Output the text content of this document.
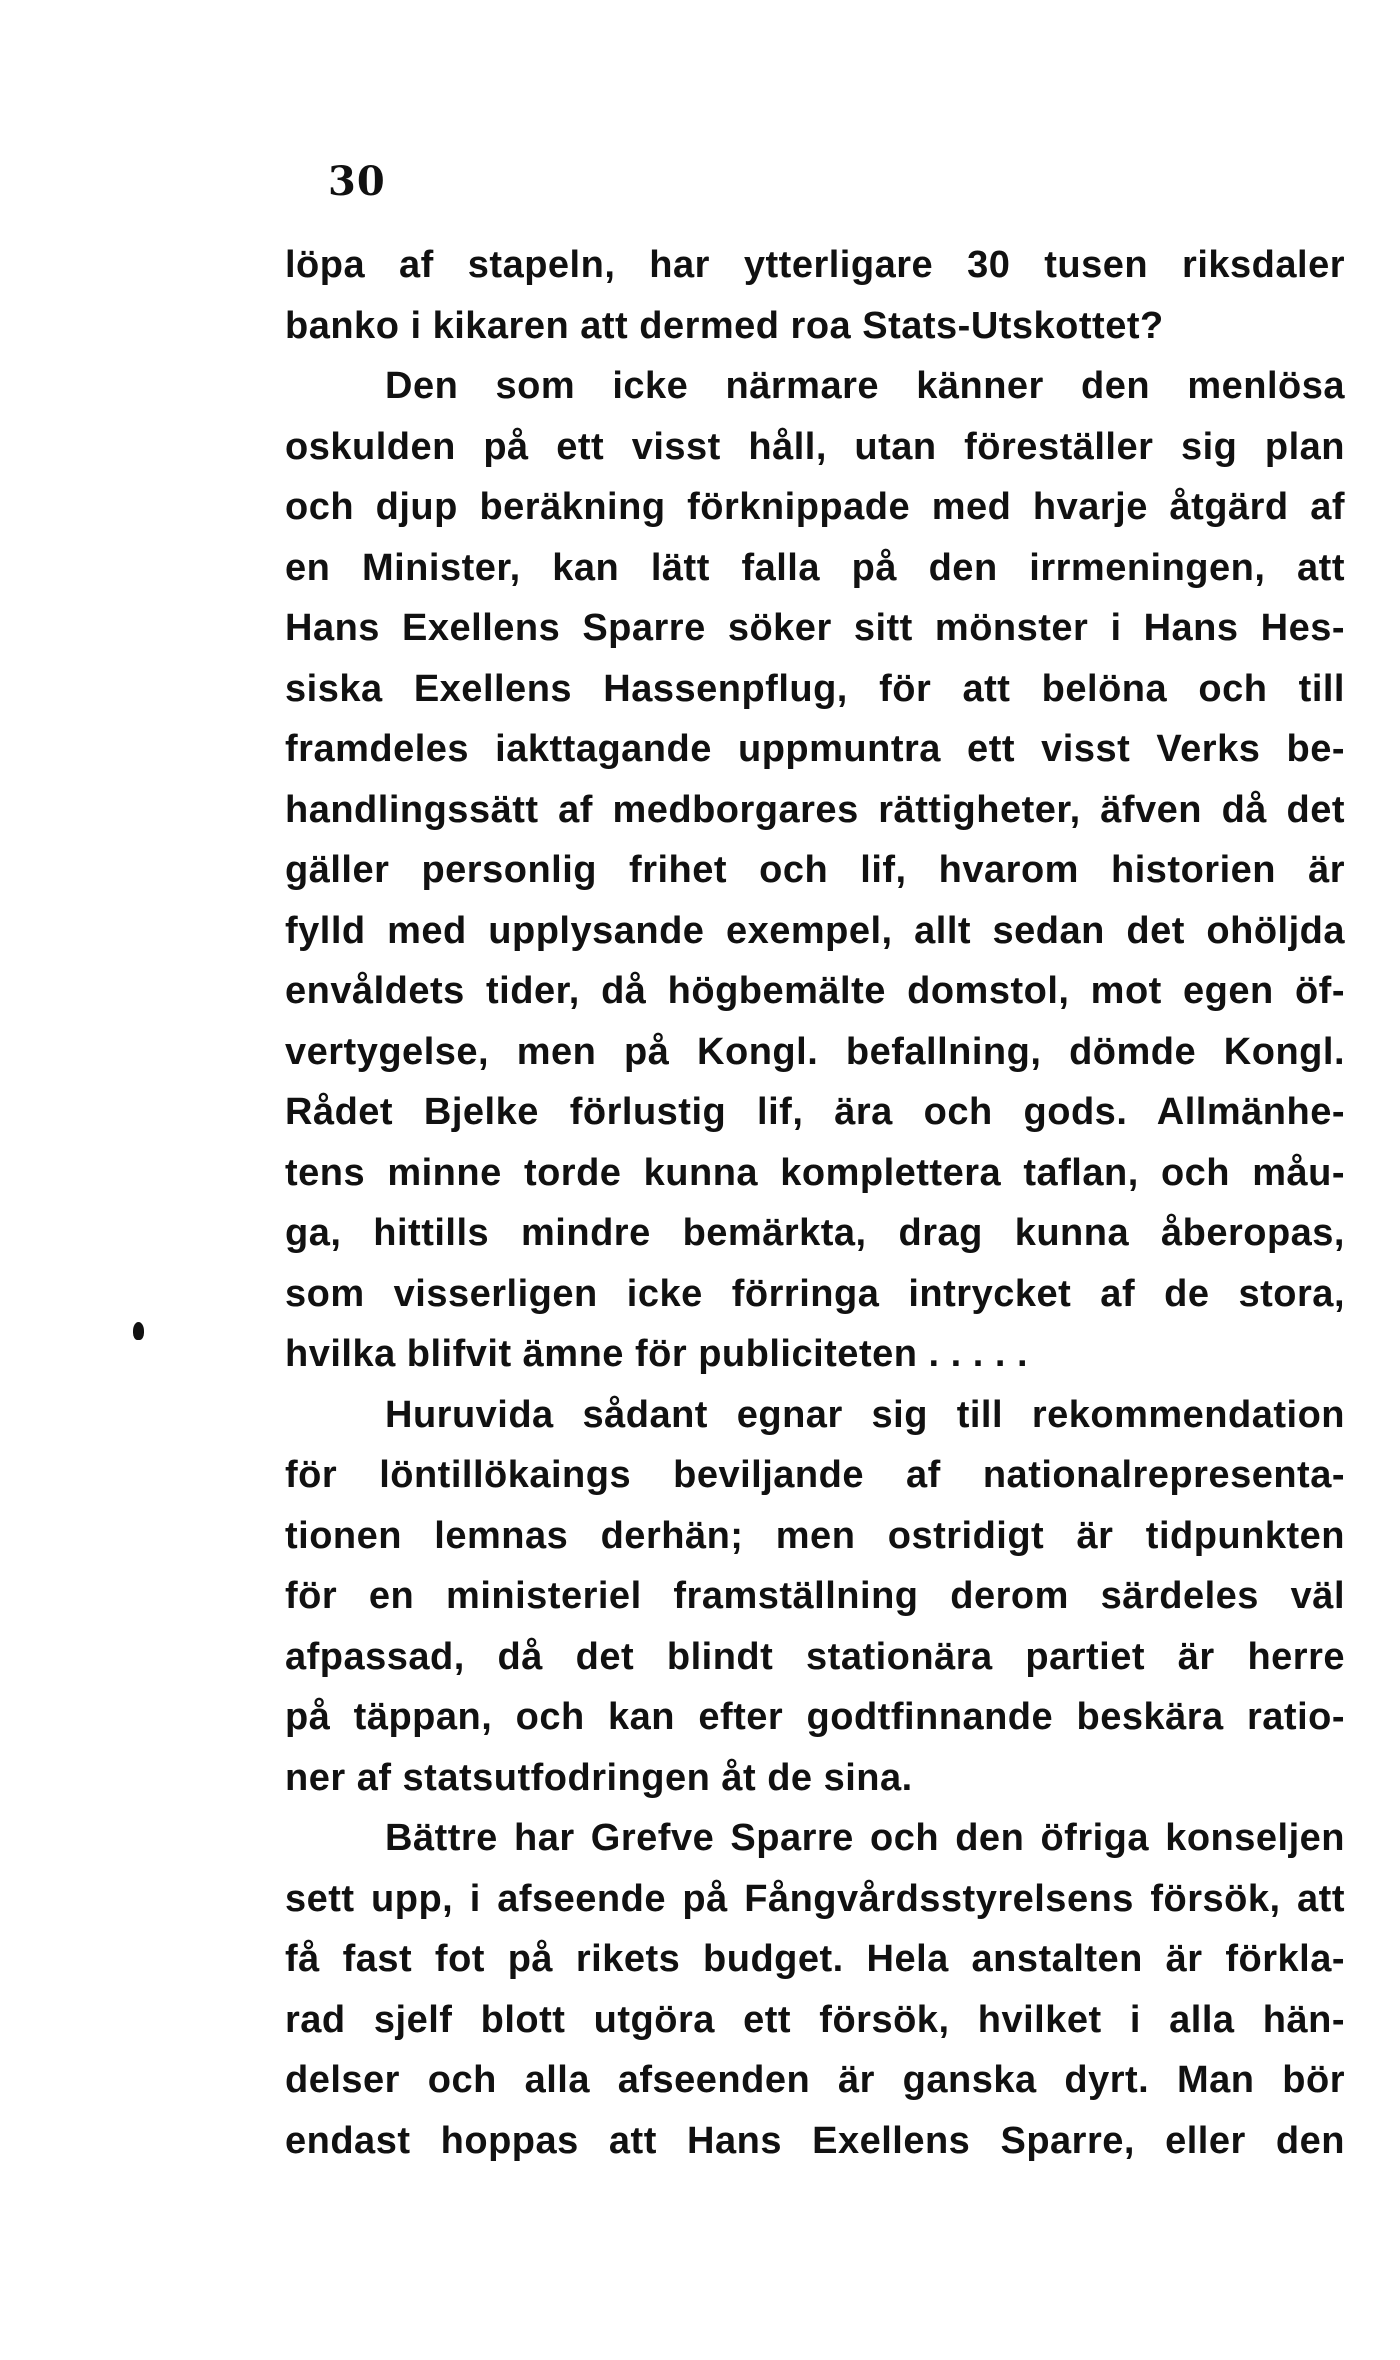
30
löpa af stapeln, har ytterligare 30 tusen riksdaler
banko i kikaren att dermed roa Stats-Utskottet?
Den som icke närmare känner den menlösa
oskulden på ett visst håll, utan föreställer sig plan
och djup beräkning förknippade med hvarje åtgärd af
en Minister, kan lätt falla på den irrmeningen, att
Hans Exellens Sparre söker sitt mönster i Hans Hes-
siska Exellens Hassenpflug, för att belöna och till
framdeles iakttagande uppmuntra ett visst Verks be-
handlingssätt af medborgares rättigheter, äfven då det
gäller personlig frihet och lif, hvarom historien är
fylld med upplysande exempel, allt sedan det ohöljda
envåldets tider, då högbemälte domstol, mot egen öf-
vertygelse, men på Kongl. befallning, dömde Kongl.
Rådet Bjelke förlustig lif, ära och gods. Allmänhe-
tens minne torde kunna komplettera taflan, och måu-
ga, hittills mindre bemärkta, drag kunna åberopas,
som visserligen icke förringa intrycket af de stora,
hvilka blifvit ämne för publiciteten . . . . .
Huruvida sådant egnar sig till rekommendation
för löntillökaings beviljande af nationalrepresenta-
tionen lemnas derhän; men ostridigt är tidpunkten
för en ministeriel framställning derom särdeles väl
afpassad, då det blindt stationära partiet är herre
på täppan, och kan efter godtfinnande beskära ratio-
ner af statsutfodringen åt de sina.
Bättre har Grefve Sparre och den öfriga konseljen
sett upp, i afseende på Fångvårdsstyrelsens försök, att
få fast fot på rikets budget. Hela anstalten är förkla-
rad sjelf blott utgöra ett försök, hvilket i alla hän-
delser och alla afseenden är ganska dyrt. Man bör
endast hoppas att Hans Exellens Sparre, eller den
